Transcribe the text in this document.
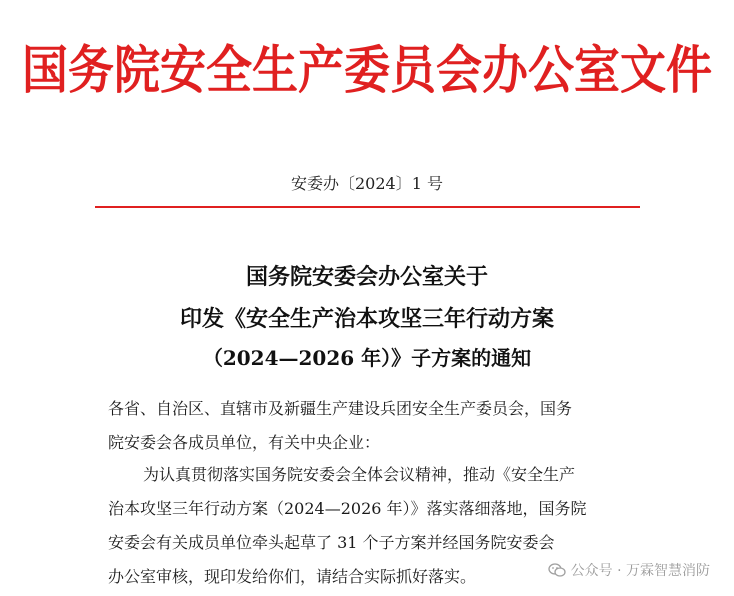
国务院安全生产委员会办公室文件
安委办〔2024〕1 号
国务院安委会办公室关于
印发《安全生产治本攻坚三年行动方案
（2024—2026 年）》子方案的通知
各省、自治区、直辖市及新疆生产建设兵团安全生产委员会，国务
院安委会各成员单位，有关中央企业：
为认真贯彻落实国务院安委会全体会议精神，推动《安全生产
治本攻坚三年行动方案（2024—2026 年）》落实落细落地，国务院
安委会有关成员单位牵头起草了 31 个子方案并经国务院安委会
办公室审核，现印发给你们，请结合实际抓好落实。	公众号 · 万霖智慧消防
